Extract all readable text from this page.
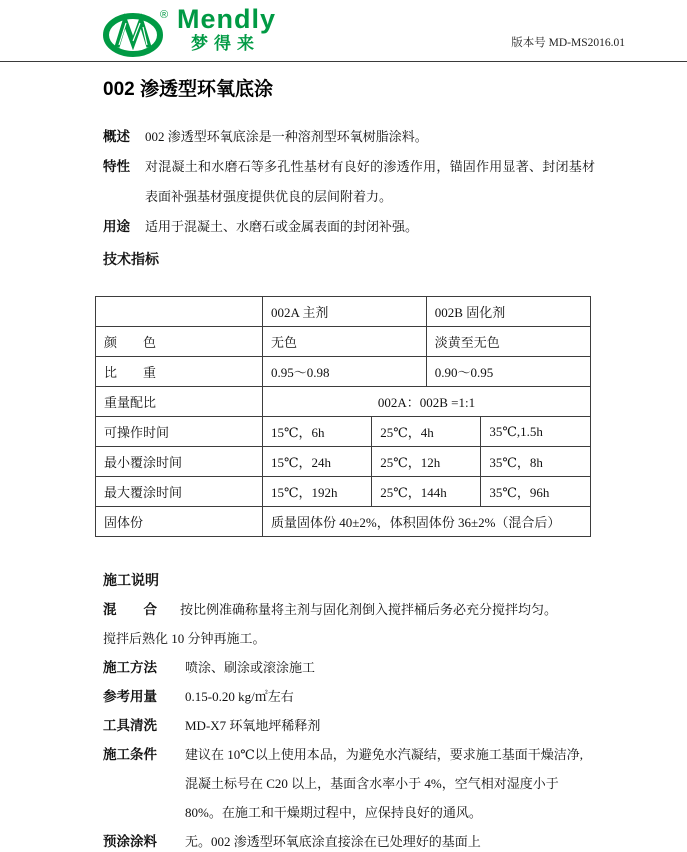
® Mendly
梦得来	版本号 MD-MS2016.01
002 渗透型环氧底涂
概述	002 渗透型环氧底涂是一种溶剂型环氧树脂涂料。
特性	对混凝土和水磨石等多孔性基材有良好的渗透作用，锚固作用显著、封闭基材表面补强基材强度提供优良的层间附着力。
用途	适用于混凝土、水磨石或金属表面的封闭补强。
技术指标
	002A 主剂		002B 固化剂	
颜　　色	无色		淡黄至无色	
比　　重	0.95～0.98		0.90～0.95	
重量配比	002A：002B =1:1			
可操作时间	15℃，6h	25℃，4h		35℃,1.5h
最小覆涂时间	15℃，24h	25℃，12h		35℃，8h
最大覆涂时间	15℃，192h	25℃，144h		35℃，96h
固体份	质量固体份 40±2%，体积固体份 36±2%（混合后）			
施工说明

混　　合 按比例准确称量将主剂与固化剂倒入搅拌桶后务必充分搅拌均匀。
搅拌后熟化 10 分钟再施工。

施工方法	喷涂、刷涂或滚涂施工
参考用量	0.15-0.20 kg/㎡左右
工具清洗	MD-X7 环氧地坪稀释剂
施工条件	建议在 10℃以上使用本品，为避免水汽凝结，要求施工基面干燥洁净,混凝土标号在 C20 以上，基面含水率小于 4%，空气相对湿度小于 80%。在施工和干燥期过程中，应保持良好的通风。
预涂涂料	无。002 渗透型环氧底涂直接涂在已处理好的基面上
